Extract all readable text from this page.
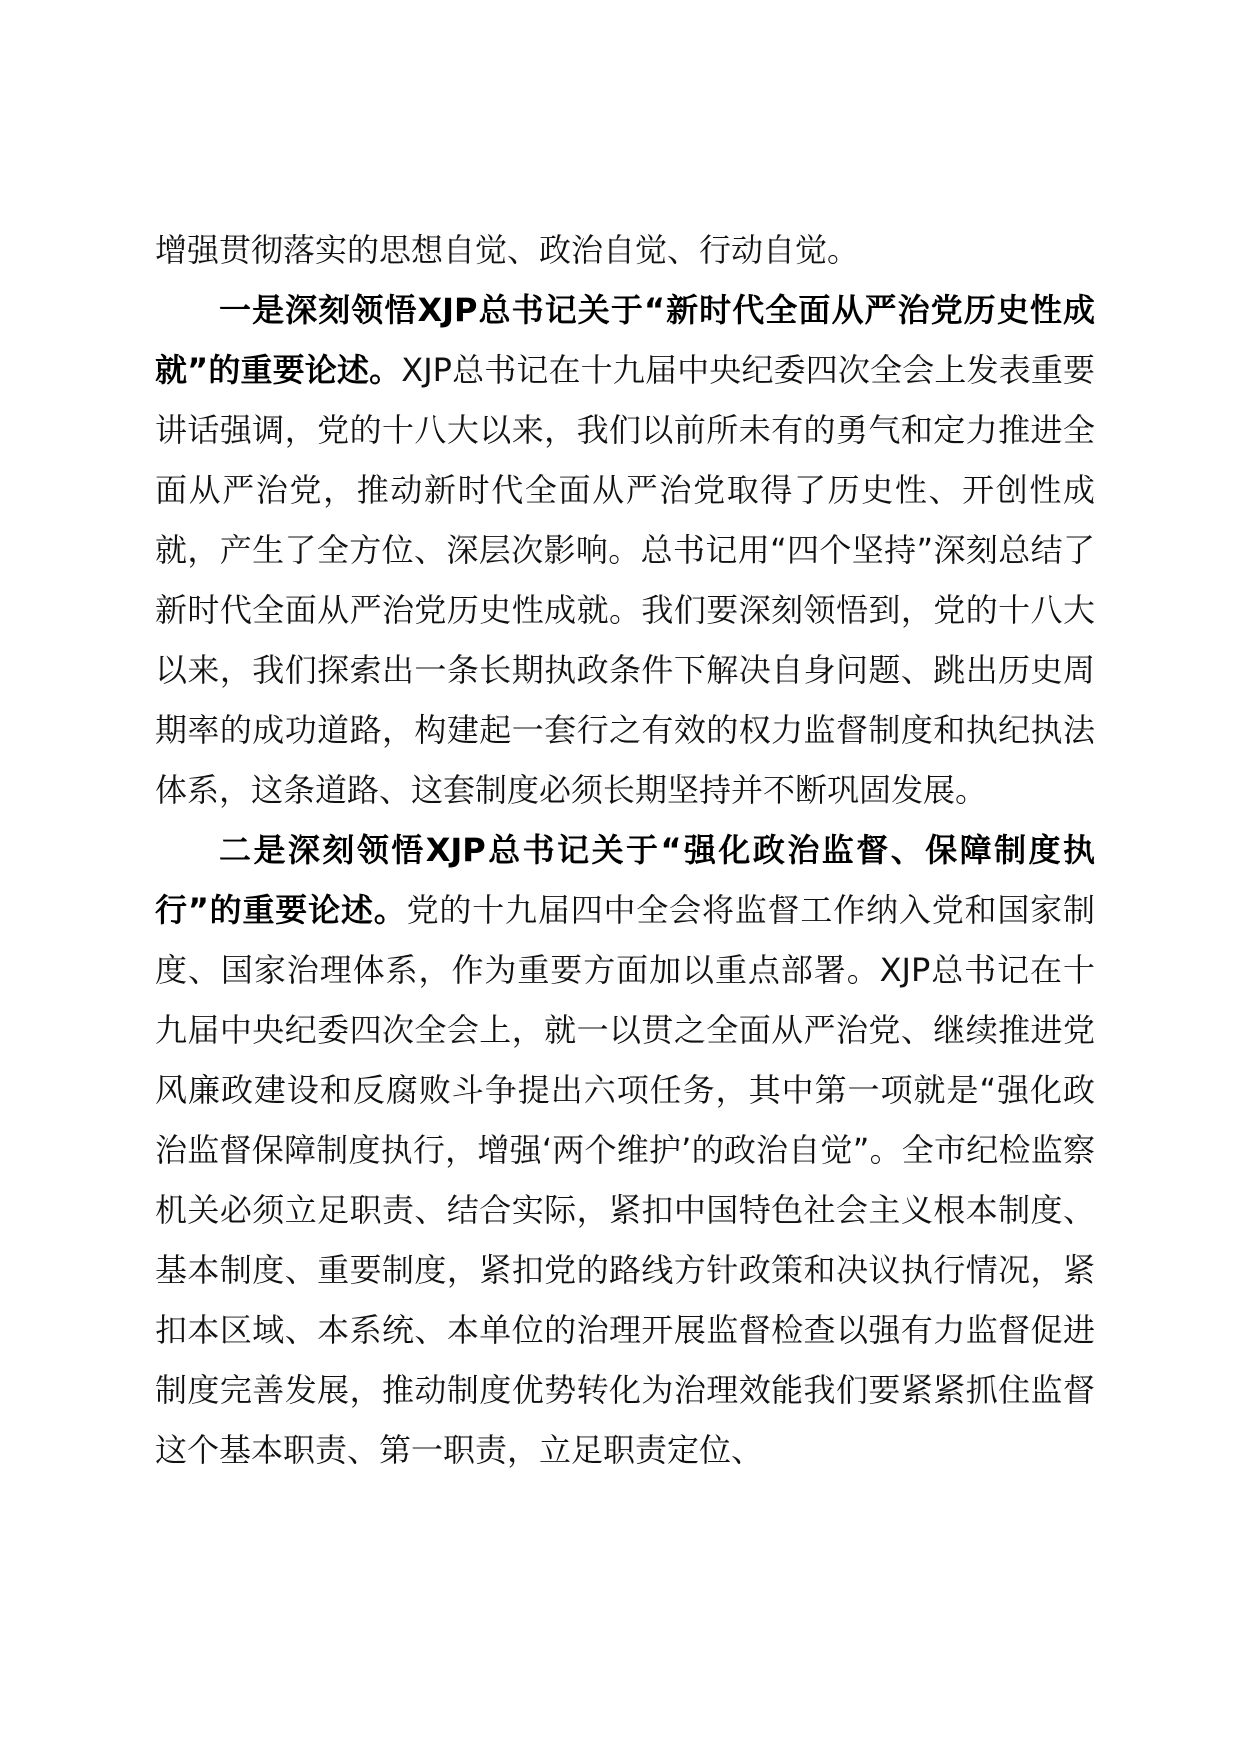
增强贯彻落实的思想自觉、政治自觉、行动自觉。

一是深刻领悟XJP总书记关于“新时代全面从严治党历史性成就”的重要论述。XJP总书记在十九届中央纪委四次全会上发表重要讲话强调，党的十八大以来，我们以前所未有的勇气和定力推进全面从严治党，推动新时代全面从严治党取得了历史性、开创性成就，产生了全方位、深层次影响。总书记用“四个坚持”深刻总结了新时代全面从严治党历史性成就。我们要深刻领悟到，党的十八大以来，我们探索出一条长期执政条件下解决自身问题、跳出历史周期率的成功道路，构建起一套行之有效的权力监督制度和执纪执法体系，这条道路、这套制度必须长期坚持并不断巩固发展。

二是深刻领悟XJP总书记关于“强化政治监督、保障制度执行”的重要论述。党的十九届四中全会将监督工作纳入党和国家制度、国家治理体系，作为重要方面加以重点部署。XJP总书记在十九届中央纪委四次全会上，就一以贯之全面从严治党、继续推进党风廉政建设和反腐败斗争提出六项任务，其中第一项就是“强化政治监督保障制度执行，增强‘两个维护’的政治自觉”。全市纪检监察机关必须立足职责、结合实际，紧扣中国特色社会主义根本制度、基本制度、重要制度，紧扣党的路线方针政策和决议执行情况，紧扣本区域、本系统、本单位的治理开展监督检查以强有力监督促进制度完善发展，推动制度优势转化为治理效能我们要紧紧抓住监督这个基本职责、第一职责，立足职责定位、
